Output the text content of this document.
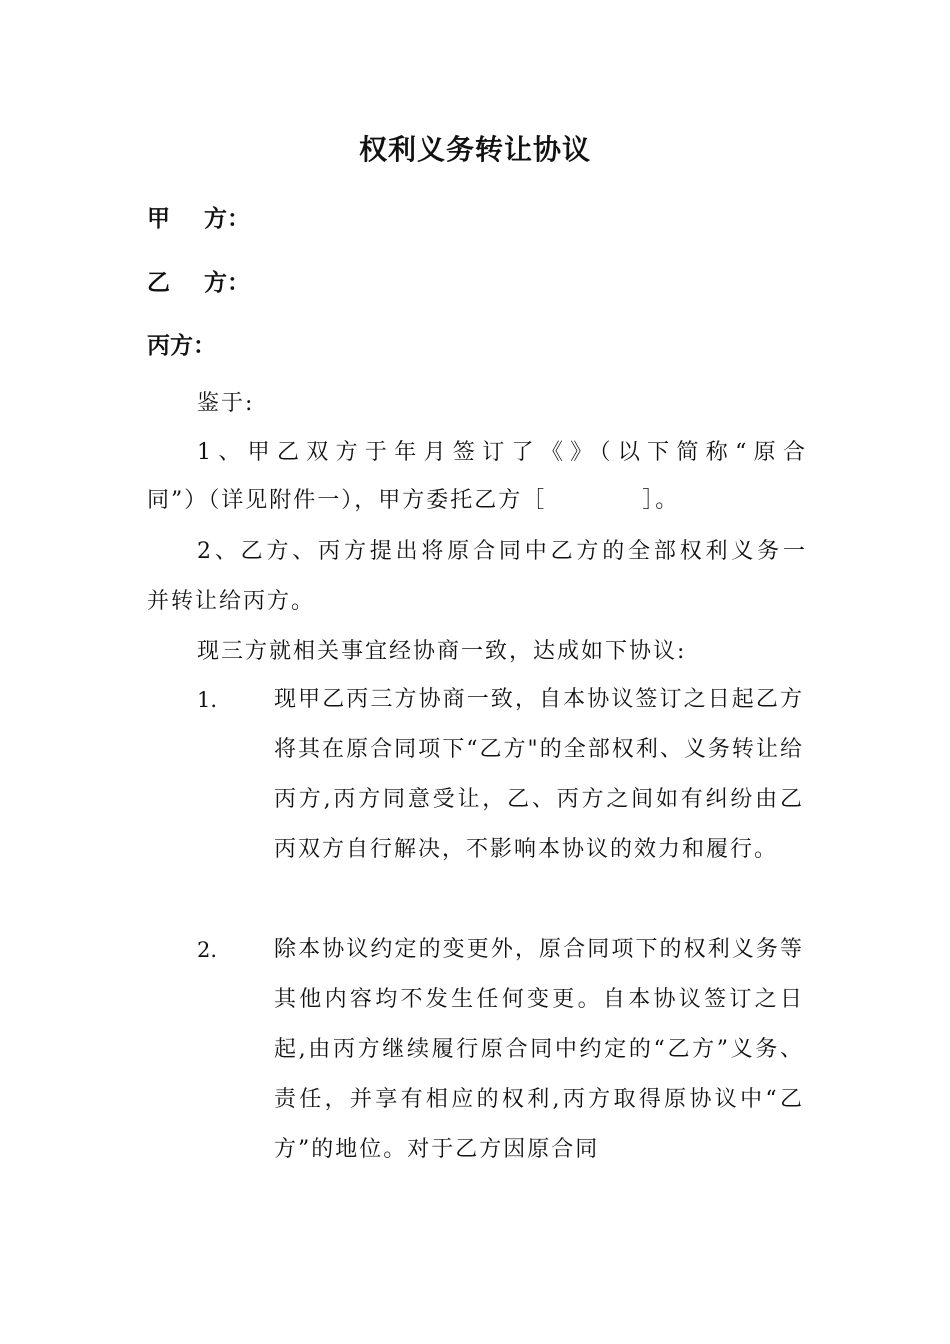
权利义务转让协议
甲 方：
乙 方：
丙方：
鉴于:
1、甲乙双方于年月签订了《》（以下简称“原合
同”）（详见附件一），甲方委托乙方［	］。
2、乙方、丙方提出将原合同中乙方的全部权利义务一
并转让给丙方。
现三方就相关事宜经协商一致，达成如下协议:
1.	现甲乙丙三方协商一致，自本协议签订之日起乙方将其在原合同项下“乙方"的全部权利、义务转让给丙方,丙方同意受让，乙、丙方之间如有纠纷由乙丙双方自行解决，不影响本协议的效力和履行。
2.	除本协议约定的变更外，原合同项下的权利义务等其他内容均不发生任何变更。自本协议签订之日起,由丙方继续履行原合同中约定的“乙方”义务、责任，并享有相应的权利,丙方取得原协议中“乙方”的地位。对于乙方因原合同
